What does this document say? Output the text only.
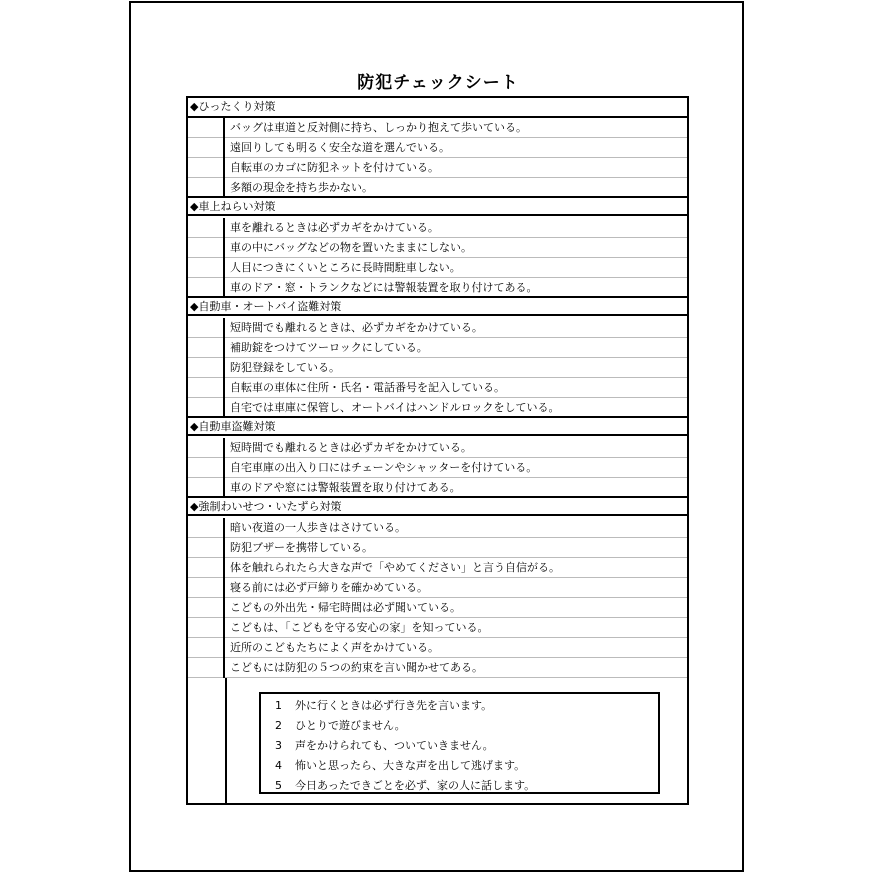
防犯チェックシート
◆ひったくり対策
バッグは車道と反対側に持ち、しっかり抱えて歩いている。
遠回りしても明るく安全な道を選んでいる。
自転車のカゴに防犯ネットを付けている。
多額の現金を持ち歩かない。
◆車上ねらい対策
車を離れるときは必ずカギをかけている。
車の中にバッグなどの物を置いたままにしない。
人目につきにくいところに長時間駐車しない。
車のドア・窓・トランクなどには警報装置を取り付けてある。
◆自動車・オートバイ盗難対策
短時間でも離れるときは、必ずカギをかけている。
補助錠をつけてツーロックにしている。
防犯登録をしている。
自転車の車体に住所・氏名・電話番号を記入している。
自宅では車庫に保管し、オートバイはハンドルロックをしている。
◆自動車盗難対策
短時間でも離れるときは必ずカギをかけている。
自宅車庫の出入り口にはチェーンやシャッターを付けている。
車のドアや窓には警報装置を取り付けてある。
◆強制わいせつ・いたずら対策
暗い夜道の一人歩きはさけている。
防犯ブザーを携帯している。
体を触れられたら大きな声で「やめてください」と言う自信がる。
寝る前には必ず戸締りを確かめている。
こどもの外出先・帰宅時間は必ず聞いている。
こどもは、「こどもを守る安心の家」を知っている。
近所のこどもたちによく声をかけている。
こどもには防犯の５つの約束を言い聞かせてある。
1 外に行くときは必ず行き先を言います。
2 ひとりで遊びません。
3 声をかけられても、ついていきません。
4 怖いと思ったら、大きな声を出して逃げます。
5 今日あったできごとを必ず、家の人に話します。
